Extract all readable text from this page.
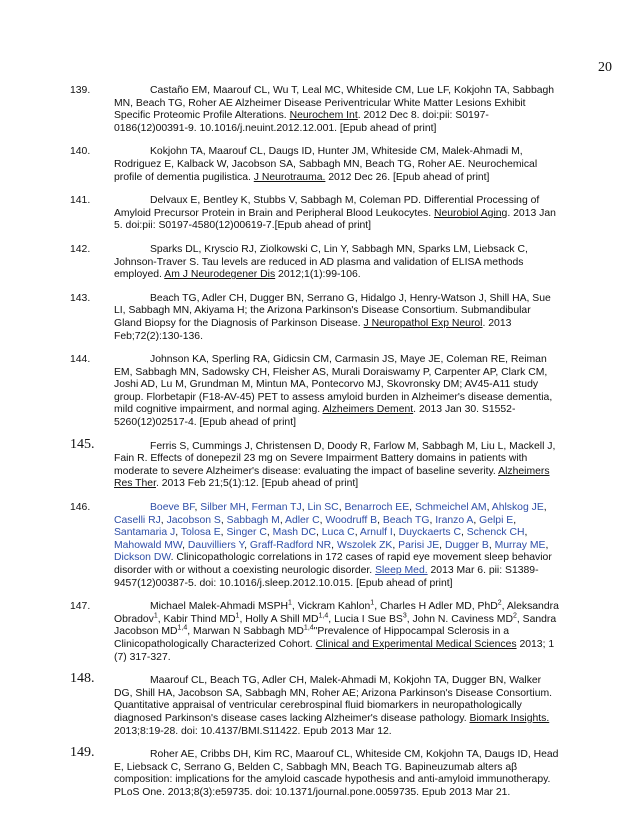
20
139.	Castaño EM, Maarouf CL, Wu T, Leal MC, Whiteside CM, Lue LF, Kokjohn TA, Sabbagh MN, Beach TG, Roher AE Alzheimer Disease Periventricular White Matter Lesions Exhibit Specific Proteomic Profile Alterations. Neurochem Int. 2012 Dec 8. doi:pii: S0197-0186(12)00391-9. 10.1016/j.neuint.2012.12.001. [Epub ahead of print]
140.	Kokjohn TA, Maarouf CL, Daugs ID, Hunter JM, Whiteside CM, Malek-Ahmadi M, Rodriguez E, Kalback W, Jacobson SA, Sabbagh MN, Beach TG, Roher AE. Neurochemical profile of dementia pugilistica. J Neurotrauma. 2012 Dec 26. [Epub ahead of print]
141.	Delvaux E, Bentley K, Stubbs V, Sabbagh M, Coleman PD. Differential Processing of Amyloid Precursor Protein in Brain and Peripheral Blood Leukocytes. Neurobiol Aging. 2013 Jan 5. doi:pii: S0197-4580(12)00619-7.[Epub ahead of print]
142.	Sparks DL, Kryscio RJ, Ziolkowski C, Lin Y, Sabbagh MN, Sparks LM, Liebsack C, Johnson-Traver S. Tau levels are reduced in AD plasma and validation of ELISA methods employed. Am J Neurodegener Dis 2012;1(1):99-106.
143.	Beach TG, Adler CH, Dugger BN, Serrano G, Hidalgo J, Henry-Watson J, Shill HA, Sue LI, Sabbagh MN, Akiyama H; the Arizona Parkinson's Disease Consortium. Submandibular Gland Biopsy for the Diagnosis of Parkinson Disease. J Neuropathol Exp Neurol. 2013 Feb;72(2):130-136.
144.	Johnson KA, Sperling RA, Gidicsin CM, Carmasin JS, Maye JE, Coleman RE, Reiman EM, Sabbagh MN, Sadowsky CH, Fleisher AS, Murali Doraiswamy P, Carpenter AP, Clark CM, Joshi AD, Lu M, Grundman M, Mintun MA, Pontecorvo MJ, Skovronsky DM; AV45-A11 study group. Florbetapir (F18-AV-45) PET to assess amyloid burden in Alzheimer's disease dementia, mild cognitive impairment, and normal aging. Alzheimers Dement. 2013 Jan 30. S1552-5260(12)02517-4. [Epub ahead of print]
145.	Ferris S, Cummings J, Christensen D, Doody R, Farlow M, Sabbagh M, Liu L, Mackell J, Fain R. Effects of donepezil 23 mg on Severe Impairment Battery domains in patients with moderate to severe Alzheimer's disease: evaluating the impact of baseline severity. Alzheimers Res Ther. 2013 Feb 21;5(1):12. [Epub ahead of print]
146.	Boeve BF, Silber MH, Ferman TJ, Lin SC, Benarroch EE, Schmeichel AM, Ahlskog JE, Caselli RJ, Jacobson S, Sabbagh M, Adler C, Woodruff B, Beach TG, Iranzo A, Gelpi E, Santamaria J, Tolosa E, Singer C, Mash DC, Luca C, Arnulf I, Duyckaerts C, Schenck CH, Mahowald MW, Dauvilliers Y, Graff-Radford NR, Wszolek ZK, Parisi JE, Dugger B, Murray ME, Dickson DW. Clinicopathologic correlations in 172 cases of rapid eye movement sleep behavior disorder with or without a coexisting neurologic disorder. Sleep Med. 2013 Mar 6. pii: S1389-9457(12)00387-5. doi: 10.1016/j.sleep.2012.10.015. [Epub ahead of print]
147.	Michael Malek-Ahmadi MSPH$^1$, Vickram Kahlon$^1$, Charles H Adler MD, PhD$^2$, Aleksandra Obradov$^1$, Kabir Thind $MD^1$, Holly A Shill MD$^{1,4}$, Lucia I Sue $BS^3$, John N. Caviness $MD^2$, Sandra Jacobson MD$^{1,4}$, Marwan N Sabbagh MD$^{1,4}$"Prevalence of Hippocampal Sclerosis in a Clinicopathologically Characterized Cohort. Clinical and Experimental Medical Sciences 2013; 1 (7) 317-327.
148.	Maarouf CL, Beach TG, Adler CH, Malek-Ahmadi M, Kokjohn TA, Dugger BN, Walker DG, Shill HA, Jacobson SA, Sabbagh MN, Roher AE; Arizona Parkinson's Disease Consortium. Quantitative appraisal of ventricular cerebrospinal fluid biomarkers in neuropathologically diagnosed Parkinson's disease cases lacking Alzheimer's disease pathology. Biomark Insights. 2013;8:19-28. doi: 10.4137/BMI.S11422. Epub 2013 Mar 12.
149.	Roher AE, Cribbs DH, Kim RC, Maarouf CL, Whiteside CM, Kokjohn TA, Daugs ID, Head E, Liebsack C, Serrano G, Belden C, Sabbagh MN, Beach TG. Bapineuzumab alters aβ composition: implications for the amyloid cascade hypothesis and anti-amyloid immunotherapy. PLoS One. 2013;8(3):e59735. doi: 10.1371/journal.pone.0059735. Epub 2013 Mar 21.
